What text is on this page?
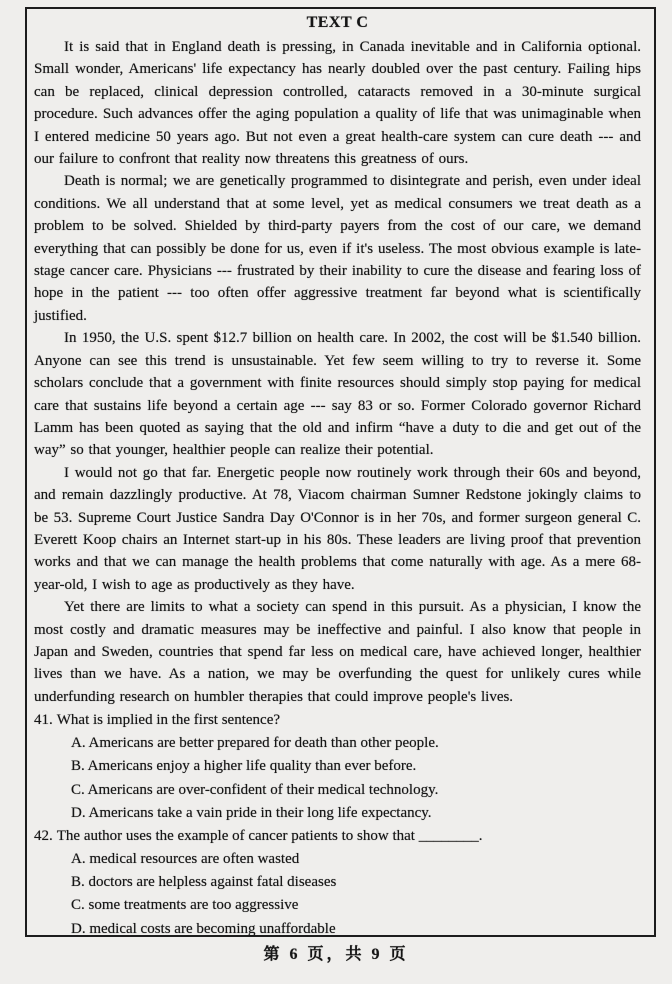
TEXT C

It is said that in England death is pressing, in Canada inevitable and in California optional. Small wonder, Americans' life expectancy has nearly doubled over the past century. Failing hips can be replaced, clinical depression controlled, cataracts removed in a 30-minute surgical procedure. Such advances offer the aging population a quality of life that was unimaginable when I entered medicine 50 years ago. But not even a great health-care system can cure death --- and our failure to confront that reality now threatens this greatness of ours.

Death is normal; we are genetically programmed to disintegrate and perish, even under ideal conditions. We all understand that at some level, yet as medical consumers we treat death as a problem to be solved. Shielded by third-party payers from the cost of our care, we demand everything that can possibly be done for us, even if it's useless. The most obvious example is late-stage cancer care. Physicians --- frustrated by their inability to cure the disease and fearing loss of hope in the patient --- too often offer aggressive treatment far beyond what is scientifically justified.

In 1950, the U.S. spent $12.7 billion on health care. In 2002, the cost will be $1.540 billion. Anyone can see this trend is unsustainable. Yet few seem willing to try to reverse it. Some scholars conclude that a government with finite resources should simply stop paying for medical care that sustains life beyond a certain age --- say 83 or so. Former Colorado governor Richard Lamm has been quoted as saying that the old and infirm “have a duty to die and get out of the way” so that younger, healthier people can realize their potential.

I would not go that far. Energetic people now routinely work through their 60s and beyond, and remain dazzlingly productive. At 78, Viacom chairman Sumner Redstone jokingly claims to be 53. Supreme Court Justice Sandra Day O'Connor is in her 70s, and former surgeon general C. Everett Koop chairs an Internet start-up in his 80s. These leaders are living proof that prevention works and that we can manage the health problems that come naturally with age. As a mere 68-year-old, I wish to age as productively as they have.

Yet there are limits to what a society can spend in this pursuit. As a physician, I know the most costly and dramatic measures may be ineffective and painful. I also know that people in Japan and Sweden, countries that spend far less on medical care, have achieved longer, healthier lives than we have. As a nation, we may be overfunding the quest for unlikely cures while underfunding research on humbler therapies that could improve people's lives.

41. What is implied in the first sentence?
A. Americans are better prepared for death than other people.
B. Americans enjoy a higher life quality than ever before.
C. Americans are over-confident of their medical technology.
D. Americans take a vain pride in their long life expectancy.
42. The author uses the example of cancer patients to show that ________.
A. medical resources are often wasted
B. doctors are helpless against fatal diseases
C. some treatments are too aggressive
D. medical costs are becoming unaffordable
第 6 页，共 9 页
